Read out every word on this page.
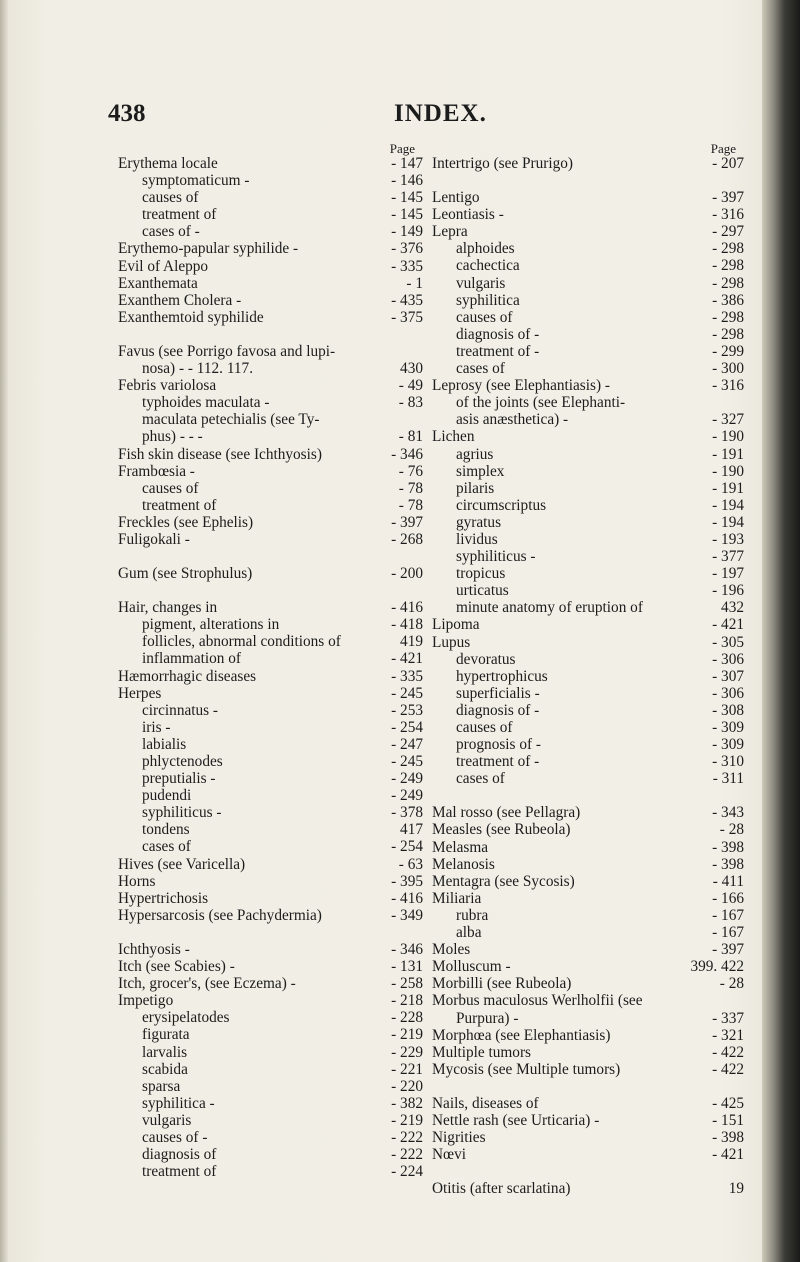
438	INDEX.
Page
Erythema locale	- 147
symptomaticum -	- 146
causes of	- 145
treatment of	- 145
cases of -	- 149
Erythemo-papular syphilide -	- 376
Evil of Aleppo	- 335
Exanthemata	- 1
Exanthem Cholera -	- 435
Exanthemtoid syphilide	- 375
Favus (see Porrigo favosa and lupi-
nosa) - - 112. 117.	430
Febris variolosa	- 49
typhoides maculata -	- 83
maculata petechialis (see Ty-
phus) - - -	- 81
Fish skin disease (see Ichthyosis)	- 346
Frambœsia -	- 76
causes of	- 78
treatment of	- 78
Freckles (see Ephelis)	- 397
Fuligokali -	- 268
Gum (see Strophulus)	- 200
Hair, changes in	- 416
pigment, alterations in	- 418
follicles, abnormal conditions of	419
inflammation of	- 421
Hæmorrhagic diseases	- 335
Herpes	- 245
circinnatus -	- 253
iris -	- 254
labialis	- 247
phlyctenodes	- 245
preputialis -	- 249
pudendi	- 249
syphiliticus -	- 378
tondens	417
cases of	- 254
Hives (see Varicella)	- 63
Horns	- 395
Hypertrichosis	- 416
Hypersarcosis (see Pachydermia)	- 349
Ichthyosis -	- 346
Itch (see Scabies) -	- 131
Itch, grocer's, (see Eczema) -	- 258
Impetigo	- 218
erysipelatodes	- 228
figurata	- 219
larvalis	- 229
scabida	- 221
sparsa	- 220
syphilitica -	- 382
vulgaris	- 219
causes of -	- 222
diagnosis of	- 222
treatment of	- 224
Page
Intertrigo (see Prurigo)	- 207
Lentigo	- 397
Leontiasis -	- 316
Lepra	- 297
alphoides	- 298
cachectica	- 298
vulgaris	- 298
syphilitica	- 386
causes of	- 298
diagnosis of -	- 298
treatment of -	- 299
cases of	- 300
Leprosy (see Elephantiasis) -	- 316
of the joints (see Elephanti-
asis anæsthetica) -	- 327
Lichen	- 190
agrius	- 191
simplex	- 190
pilaris	- 191
circumscriptus	- 194
gyratus	- 194
lividus	- 193
syphiliticus -	- 377
tropicus	- 197
urticatus	- 196
minute anatomy of eruption of	432
Lipoma	- 421
Lupus	- 305
devoratus	- 306
hypertrophicus	- 307
superficialis -	- 306
diagnosis of -	- 308
causes of	- 309
prognosis of -	- 309
treatment of -	- 310
cases of	- 311
Mal rosso (see Pellagra)	- 343
Measles (see Rubeola)	- 28
Melasma	- 398
Melanosis	- 398
Mentagra (see Sycosis)	- 411
Miliaria	- 166
rubra	- 167
alba	- 167
Moles	- 397
Molluscum -	399. 422
Morbilli (see Rubeola)	- 28
Morbus maculosus Werlholfii (see
Purpura) -	- 337
Morphœa (see Elephantiasis)	- 321
Multiple tumors	- 422
Mycosis (see Multiple tumors)	- 422
Nails, diseases of	- 425
Nettle rash (see Urticaria) -	- 151
Nigrities	- 398
Nœvi	- 421
Otitis (after scarlatina)	19
